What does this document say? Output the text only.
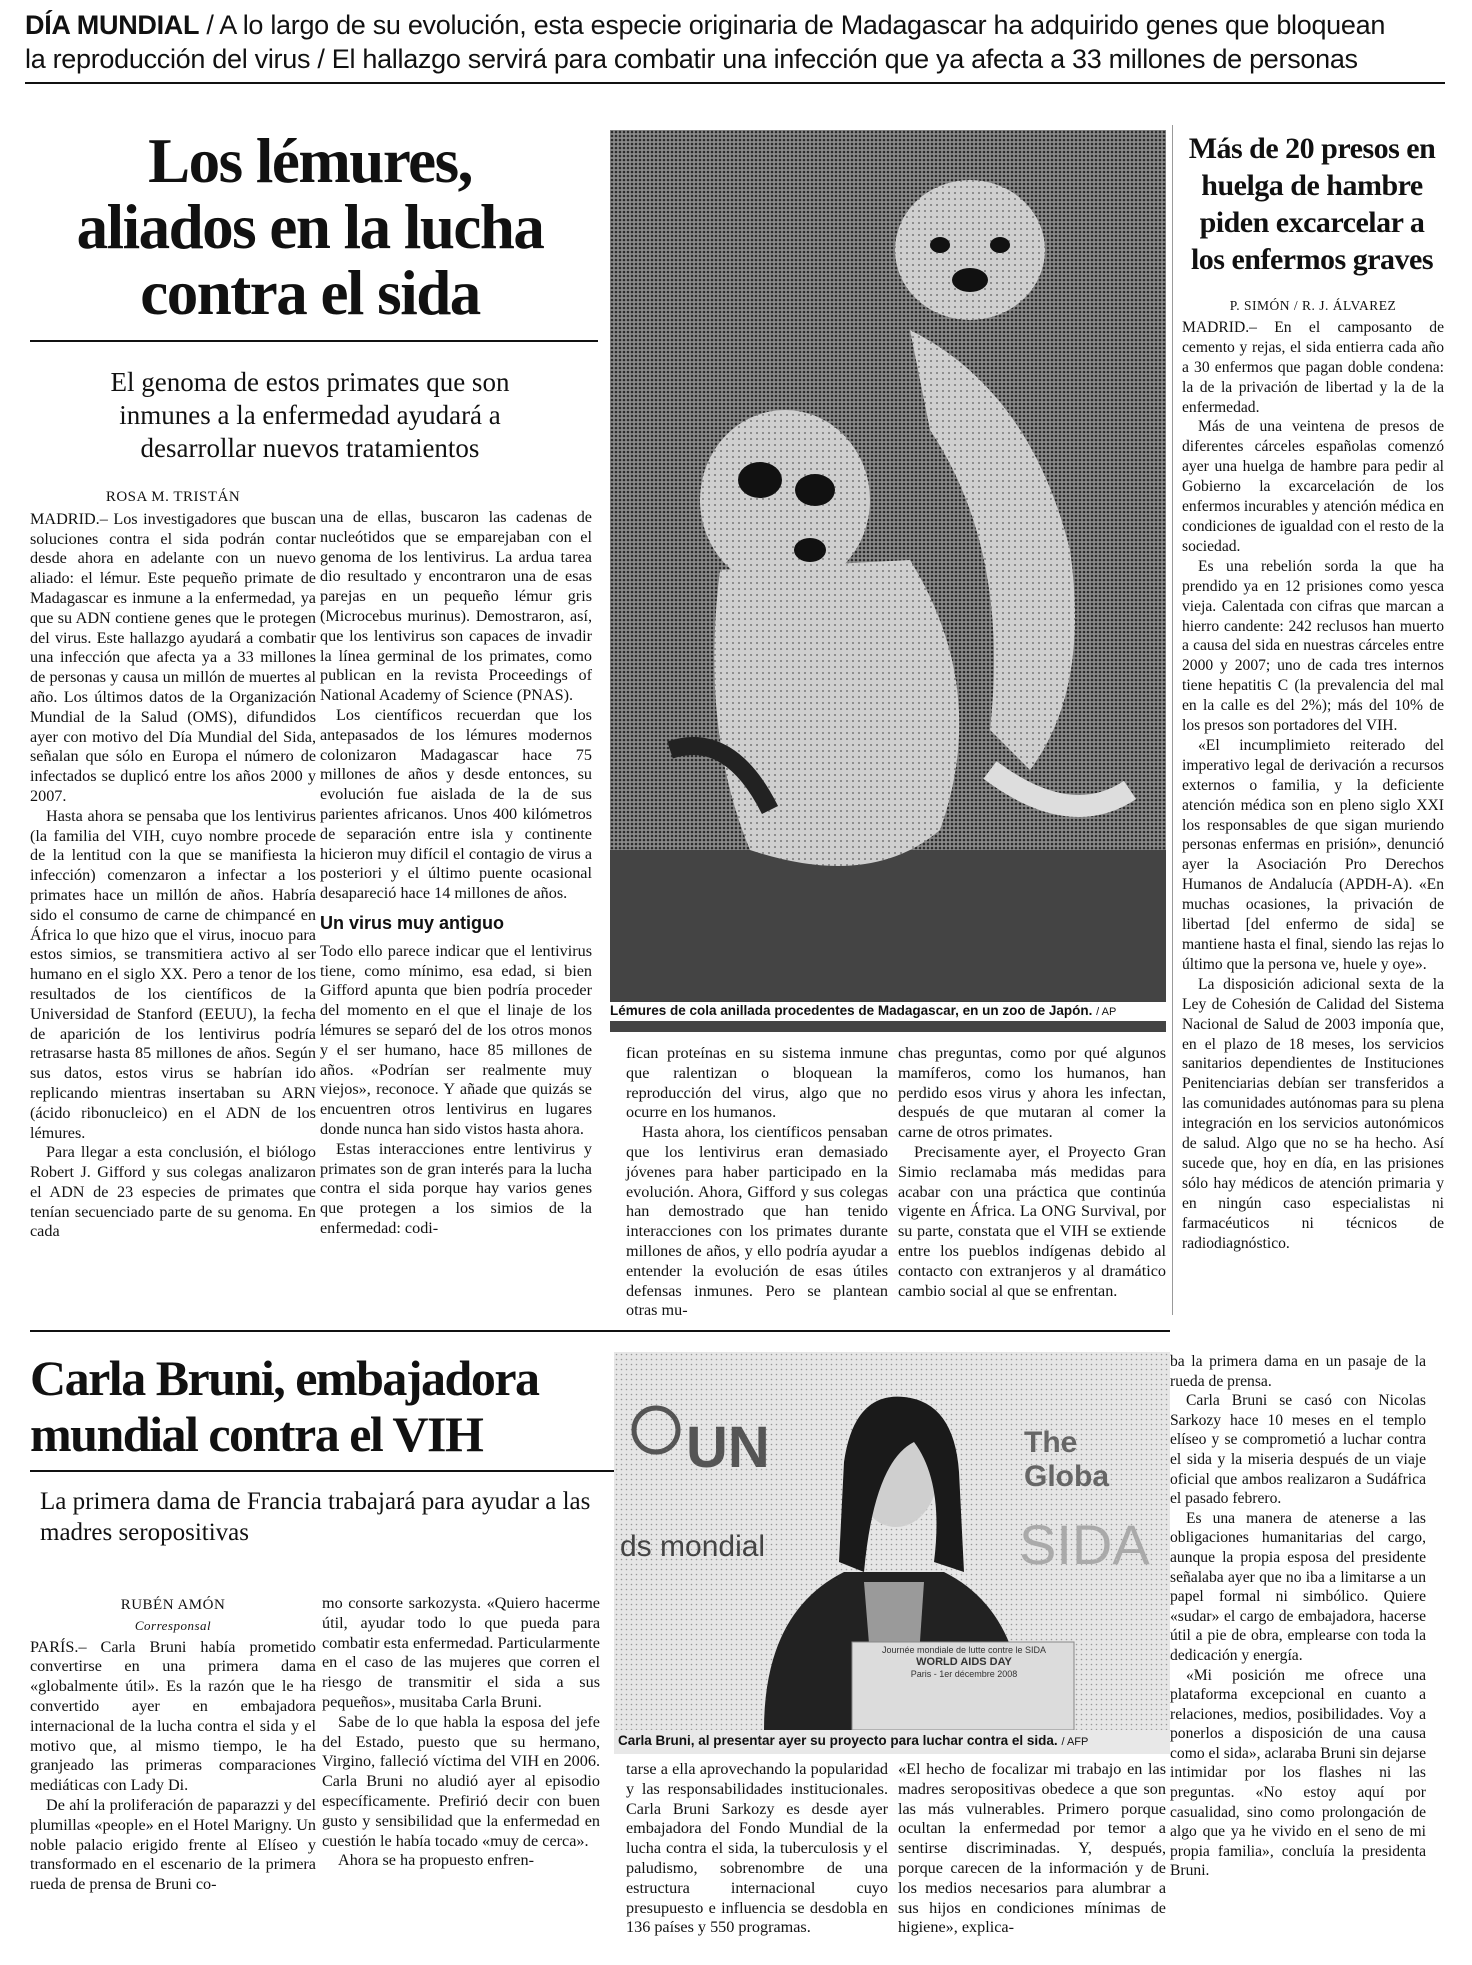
DÍA MUNDIAL / A lo largo de su evolución, esta especie originaria de Madagascar ha adquirido genes que bloquean
la reproducción del virus / El hallazgo servirá para combatir una infección que ya afecta a 33 millones de personas
Los lémures,
aliados en la lucha
contra el sida
El genoma de estos primates que son inmunes a la enfermedad ayudará a desarrollar nuevos tratamientos
ROSA M. TRISTÁN

MADRID.– Los investigadores que buscan soluciones contra el sida podrán contar desde ahora en adelante con un nuevo aliado: el lémur. Este pequeño primate de Madagascar es inmune a la enfermedad, ya que su ADN contiene genes que le protegen del virus. Este hallazgo ayudará a combatir una infección que afecta ya a 33 millones de personas y causa un millón de muertes al año. Los últimos datos de la Organización Mundial de la Salud (OMS), difundidos ayer con motivo del Día Mundial del Sida, señalan que sólo en Europa el número de infectados se duplicó entre los años 2000 y 2007.

Hasta ahora se pensaba que los lentivirus (la familia del VIH, cuyo nombre procede de la lentitud con la que se manifiesta la infección) comenzaron a infectar a los primates hace un millón de años. Habría sido el consumo de carne de chimpancé en África lo que hizo que el virus, inocuo para estos simios, se transmitiera activo al ser humano en el siglo XX. Pero a tenor de los resultados de los científicos de la Universidad de Stanford (EEUU), la fecha de aparición de los lentivirus podría retrasarse hasta 85 millones de años. Según sus datos, estos virus se habrían ido replicando mientras insertaban su ARN (ácido ribonucleico) en el ADN de los lémures.

Para llegar a esta conclusión, el biólogo Robert J. Gifford y sus colegas analizaron el ADN de 23 especies de primates que tenían secuenciado parte de su genoma. En cada

una de ellas, buscaron las cadenas de nucleótidos que se emparejaban con el genoma de los lentivirus. La ardua tarea dio resultado y encontraron una de esas parejas en un pequeño lémur gris (Microcebus murinus). Demostraron, así, que los lentivirus son capaces de invadir la línea germinal de los primates, como publican en la revista Proceedings of National Academy of Science (PNAS).

Los científicos recuerdan que los antepasados de los lémures modernos colonizaron Madagascar hace 75 millones de años y desde entonces, su evolución fue aislada de la de sus parientes africanos. Unos 400 kilómetros de separación entre isla y continente hicieron muy difícil el contagio de virus a posteriori y el último puente ocasional desapareció hace 14 millones de años.

Un virus muy antiguo

Todo ello parece indicar que el lentivirus tiene, como mínimo, esa edad, si bien Gifford apunta que bien podría proceder del momento en el que el linaje de los lémures se separó del de los otros monos y el ser humano, hace 85 millones de años. «Podrían ser realmente muy viejos», reconoce. Y añade que quizás se encuentren otros lentivirus en lugares donde nunca han sido vistos hasta ahora.

Estas interacciones entre lentivirus y primates son de gran interés para la lucha contra el sida porque hay varios genes que protegen a los simios de la enfermedad: codi-

Lémures de cola anillada procedentes de Madagascar, en un zoo de Japón. / AP

fican proteínas en su sistema inmune que ralentizan o bloquean la reproducción del virus, algo que no ocurre en los humanos.

Hasta ahora, los científicos pensaban que los lentivirus eran demasiado jóvenes para haber participado en la evolución. Ahora, Gifford y sus colegas han demostrado que han tenido interacciones con los primates durante millones de años, y ello podría ayudar a entender la evolución de esas útiles defensas inmunes. Pero se plantean otras mu-

chas preguntas, como por qué algunos mamíferos, como los humanos, han perdido esos virus y ahora les infectan, después de que mutaran al comer la carne de otros primates.

Precisamente ayer, el Proyecto Gran Simio reclamaba más medidas para acabar con una práctica que continúa vigente en África. La ONG Survival, por su parte, constata que el VIH se extiende entre los pueblos indígenas debido al contacto con extranjeros y al dramático cambio social al que se enfrentan.

Más de 20 presos en huelga de hambre piden excarcelar a los enfermos graves
P. SIMÓN / R. J. ÁLVAREZ

MADRID.– En el camposanto de cemento y rejas, el sida entierra cada año a 30 enfermos que pagan doble condena: la de la privación de libertad y la de la enfermedad.

Más de una veintena de presos de diferentes cárceles españolas comenzó ayer una huelga de hambre para pedir al Gobierno la excarcelación de los enfermos incurables y atención médica en condiciones de igualdad con el resto de la sociedad.

Es una rebelión sorda la que ha prendido ya en 12 prisiones como yesca vieja. Calentada con cifras que marcan a hierro candente: 242 reclusos han muerto a causa del sida en nuestras cárceles entre 2000 y 2007; uno de cada tres internos tiene hepatitis C (la prevalencia del mal en la calle es del 2%); más del 10% de los presos son portadores del VIH.

«El incumplimieto reiterado del imperativo legal de derivación a recursos externos o familia, y la deficiente atención médica son en pleno siglo XXI los responsables de que sigan muriendo personas enfermas en prisión», denunció ayer la Asociación Pro Derechos Humanos de Andalucía (APDH-A). «En muchas ocasiones, la privación de libertad [del enfermo de sida] se mantiene hasta el final, siendo las rejas lo último que la persona ve, huele y oye».

La disposición adicional sexta de la Ley de Cohesión de Calidad del Sistema Nacional de Salud de 2003 imponía que, en el plazo de 18 meses, los servicios sanitarios dependientes de Instituciones Penitenciarias debían ser transferidos a las comunidades autónomas para su plena integración en los servicios autonómicos de salud. Algo que no se ha hecho. Así sucede que, hoy en día, en las prisiones sólo hay médicos de atención primaria y en ningún caso especialistas ni farmacéuticos ni técnicos de radiodiagnóstico.

Carla Bruni, embajadora
mundial contra el VIH
La primera dama de Francia trabajará para ayudar a las madres seropositivas
RUBÉN AMÓN
Corresponsal

PARÍS.– Carla Bruni había prometido convertirse en una primera dama «globalmente útil». Es la razón que le ha convertido ayer en embajadora internacional de la lucha contra el sida y el motivo que, al mismo tiempo, le ha granjeado las primeras comparaciones mediáticas con Lady Di.

De ahí la proliferación de paparazzi y del plumillas «people» en el Hotel Marigny. Un noble palacio erigido frente al Elíseo y transformado en el escenario de la primera rueda de prensa de Bruni co-

mo consorte sarkozysta. «Quiero hacerme útil, ayudar todo lo que pueda para combatir esta enfermedad. Particularmente en el caso de las mujeres que corren el riesgo de transmitir el sida a sus pequeños», musitaba Carla Bruni.

Sabe de lo que habla la esposa del jefe del Estado, puesto que su hermano, Virgino, falleció víctima del VIH en 2006. Carla Bruni no aludió ayer al episodio específicamente. Prefirió decir con buen gusto y sensibilidad que la enfermedad en cuestión le había tocado «muy de cerca».

Ahora se ha propuesto enfren-

UN	The Globa
ds mondial	SIDA
Journée mondiale de lutte contre le SIDA
WORLD AIDS DAY
Paris - 1er décembre 2008
Carla Bruni, al presentar ayer su proyecto para luchar contra el sida. / AFP

tarse a ella aprovechando la popularidad y las responsabilidades institucionales. Carla Bruni Sarkozy es desde ayer embajadora del Fondo Mundial de la lucha contra el sida, la tuberculosis y el paludismo, sobrenombre de una estructura internacional cuyo presupuesto e influencia se desdobla en 136 países y 550 programas.

«El hecho de focalizar mi trabajo en las madres seropositivas obedece a que son las más vulnerables. Primero porque ocultan la enfermedad por temor a sentirse discriminadas. Y, después, porque carecen de la información y de los medios necesarios para alumbrar a sus hijos en condiciones mínimas de higiene», explica-

ba la primera dama en un pasaje de la rueda de prensa.

Carla Bruni se casó con Nicolas Sarkozy hace 10 meses en el templo elíseo y se comprometió a luchar contra el sida y la miseria después de un viaje oficial que ambos realizaron a Sudáfrica el pasado febrero.

Es una manera de atenerse a las obligaciones humanitarias del cargo, aunque la propia esposa del presidente señalaba ayer que no iba a limitarse a un papel formal ni simbólico. Quiere «sudar» el cargo de embajadora, hacerse útil a pie de obra, emplearse con toda la dedicación y energía.

«Mi posición me ofrece una plataforma excepcional en cuanto a relaciones, medios, posibilidades. Voy a ponerlos a disposición de una causa como el sida», aclaraba Bruni sin dejarse intimidar por los flashes ni las preguntas. «No estoy aquí por casualidad, sino como prolongación de algo que ya he vivido en el seno de mi propia familia», concluía la presidenta Bruni.
